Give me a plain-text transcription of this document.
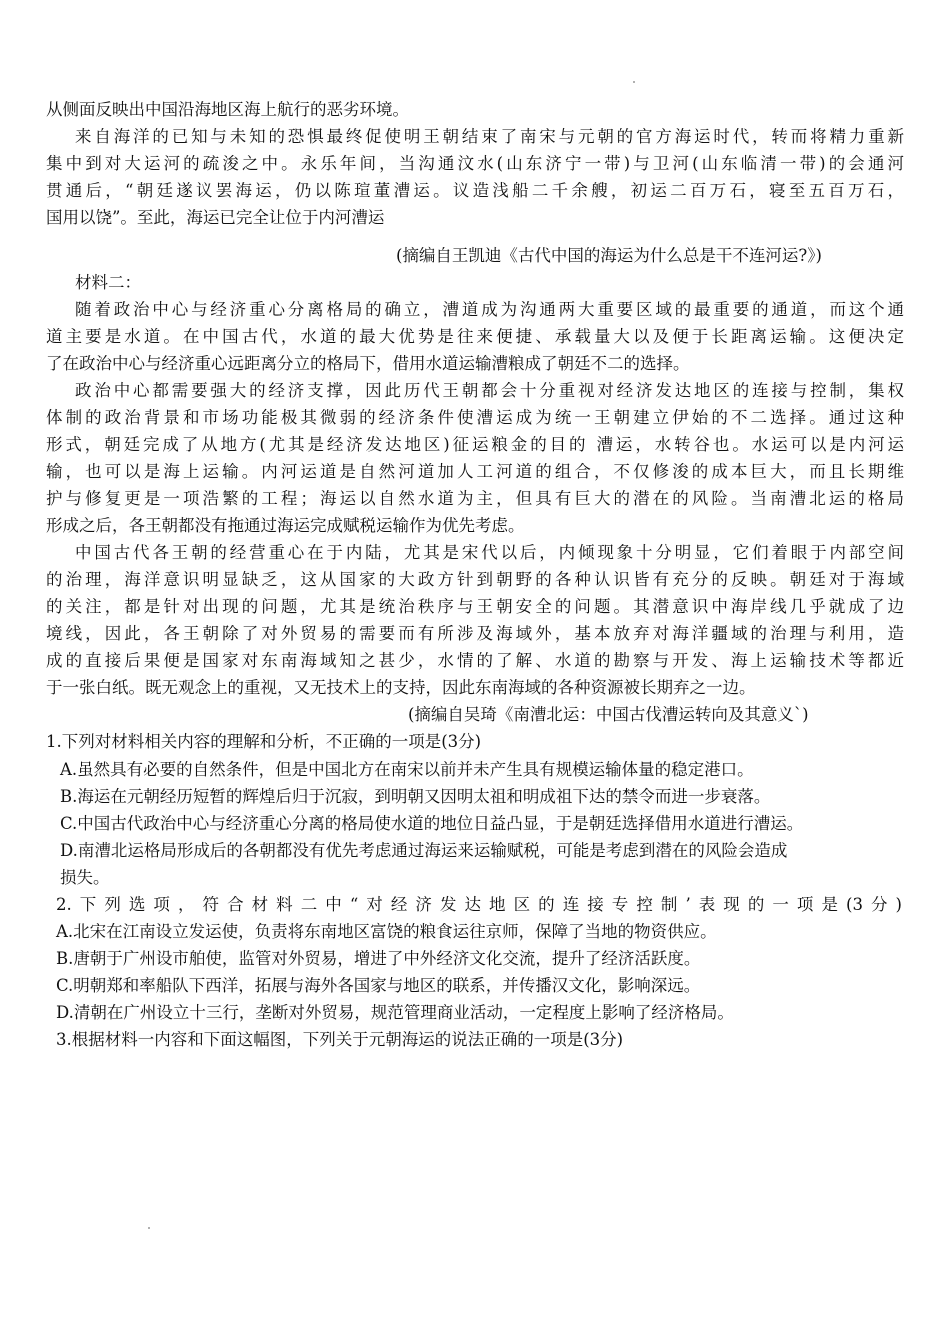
从侧面反映出中国沿海地区海上航行的恶劣环境。
来自海洋的已知与未知的恐惧最终促使明王朝结束了南宋与元朝的官方海运时代，转而将精力重新
集中到对大运河的疏浚之中。永乐年间，当沟通汶水(山东济宁一带)与卫河(山东临清一带)的会通河
贯通后，“朝廷遂议罢海运，仍以陈瑄董漕运。议造浅船二千余艘，初运二百万石，寝至五百万石，
国用以饶”。至此，海运已完全让位于内河漕运
(摘编自王凯迪《古代中国的海运为什么总是干不连河运?》)
材料二：
随着政治中心与经济重心分离格局的确立，漕道成为沟通两大重要区域的最重要的通道，而这个通
道主要是水道。在中国古代，水道的最大优势是往来便捷、承载量大以及便于长距离运输。这便决定
了在政治中心与经济重心远距离分立的格局下，借用水道运输漕粮成了朝廷不二的选择。
政治中心都需要强大的经济支撑，因此历代王朝都会十分重视对经济发达地区的连接与控制，集权
体制的政治背景和市场功能极其微弱的经济条件使漕运成为统一王朝建立伊始的不二选择。通过这种
形式，朝廷完成了从地方(尤其是经济发达地区)征运粮金的目的 漕运，水转谷也。水运可以是内河运
输，也可以是海上运输。内河运道是自然河道加人工河道的组合，不仅修浚的成本巨大，而且长期维
护与修复更是一项浩繁的工程；海运以自然水道为主，但具有巨大的潜在的风险。当南漕北运的格局
形成之后，各王朝都没有拖通过海运完成赋税运输作为优先考虑。
中国古代各王朝的经营重心在于内陆，尤其是宋代以后，内倾现象十分明显，它们着眼于内部空间
的治理，海洋意识明显缺乏，这从国家的大政方针到朝野的各种认识皆有充分的反映。朝廷对于海域
的关注，都是针对出现的问题，尤其是统治秩序与王朝安全的问题。其潜意识中海岸线几乎就成了边
境线，因此，各王朝除了对外贸易的需要而有所涉及海域外，基本放弃对海洋疆域的治理与利用，造
成的直接后果便是国家对东南海域知之甚少，水情的了解、水道的勘察与开发、海上运输技术等都近
于一张白纸。既无观念上的重视，又无技术上的支持，因此东南海域的各种资源被长期弃之一边。
(摘编自吴琦《南漕北运：中国古伐漕运转向及其意义`)
1.下列对材料相关内容的理解和分析，不正确的一项是(3分)
A.虽然具有必要的自然条件，但是中国北方在南宋以前并未产生具有规模运输体量的稳定港口。
B.海运在元朝经历短暂的辉煌后归于沉寂，到明朝又因明太祖和明成祖下达的禁令而进一步衰落。
C.中国古代政治中心与经济重心分离的格局使水道的地位日益凸显，于是朝廷选择借用水道进行漕运。
D.南漕北运格局形成后的各朝都没有优先考虑通过海运来运输赋税，可能是考虑到潜在的风险会造成
损失。
2.下列选项，符合材料二中“对经济发达地区的连接专控制’表现的一项是(3分)
A.北宋在江南设立发运使，负责将东南地区富饶的粮食运往京师，保障了当地的物资供应。
B.唐朝于广州设市舶使，监管对外贸易，增进了中外经济文化交流，提升了经济活跃度。
C.明朝郑和率船队下西洋，拓展与海外各国家与地区的联系，并传播汉文化，影响深远。
D.清朝在广州设立十三行，垄断对外贸易，规范管理商业活动，一定程度上影响了经济格局。
3.根据材料一内容和下面这幅图，下列关于元朝海运的说法正确的一项是(3分)
